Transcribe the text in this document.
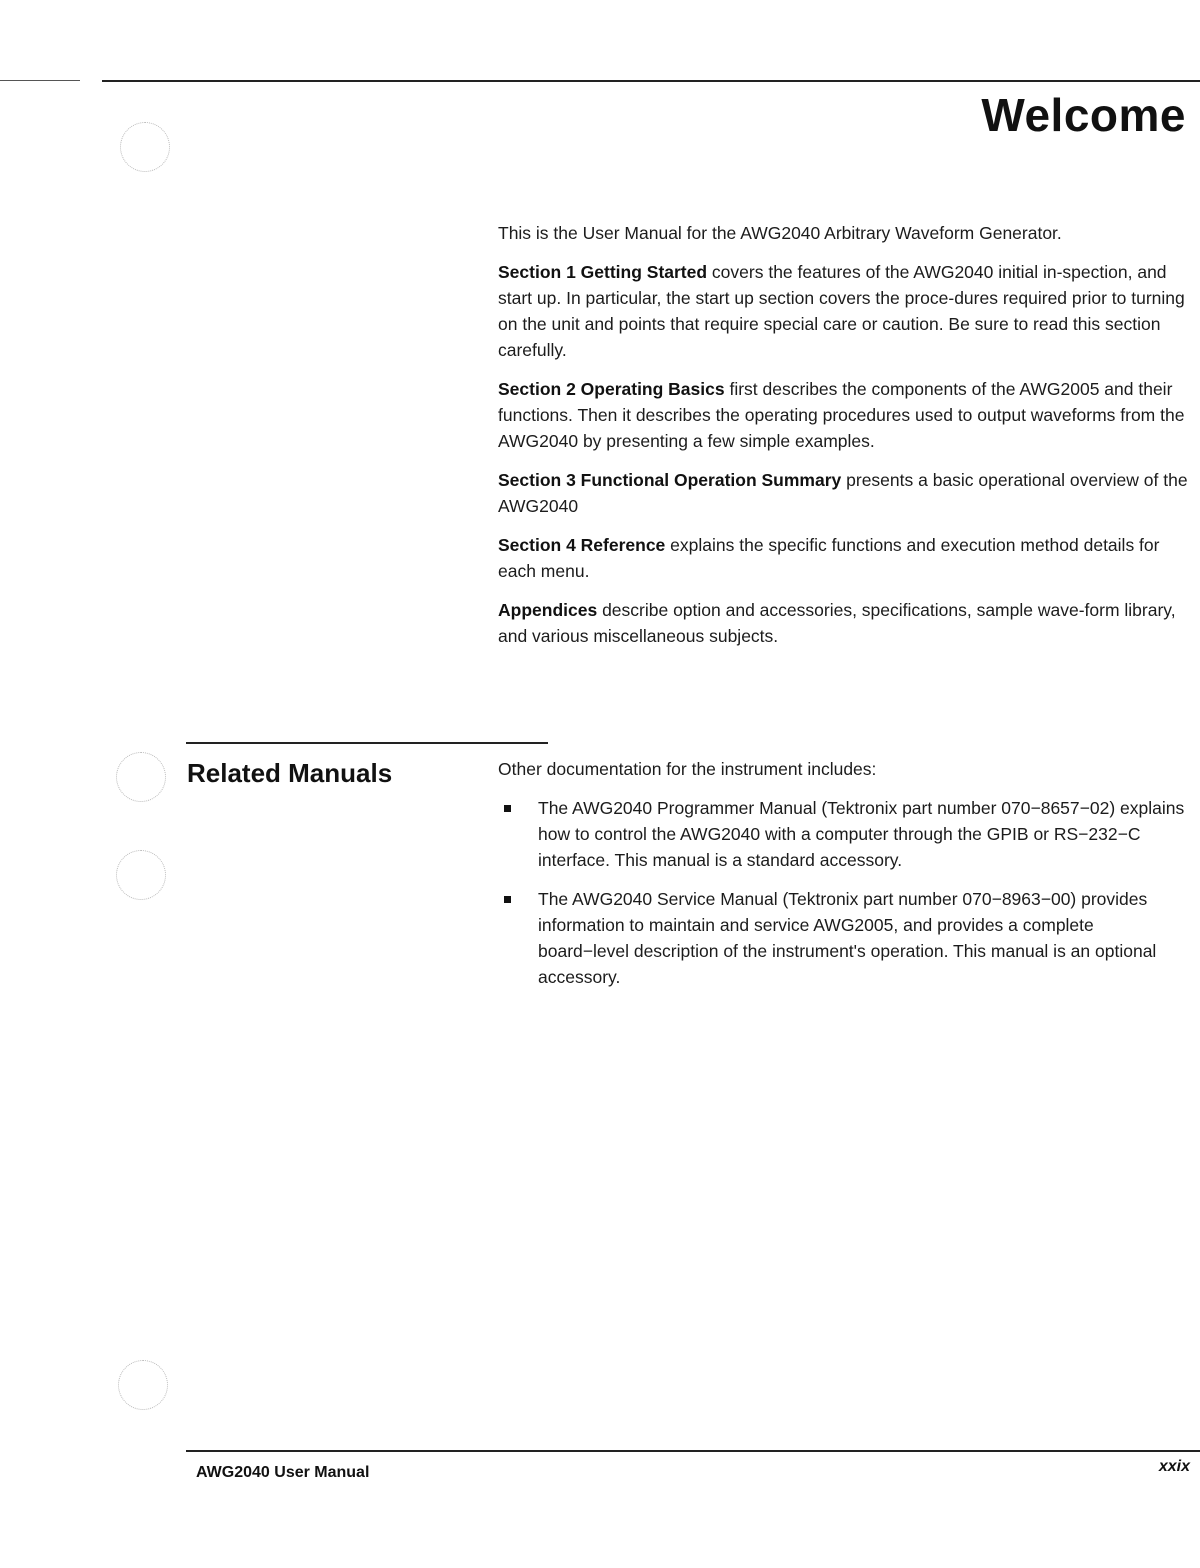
Welcome

This is the User Manual for the AWG2040 Arbitrary Waveform Generator.

Section 1 Getting Started covers the features of the AWG2040 initial in-spection, and start up. In particular, the start up section covers the proce-dures required prior to turning on the unit and points that require special care or caution. Be sure to read this section carefully.

Section 2 Operating Basics first describes the components of the AWG2005 and their functions. Then it describes the operating procedures used to output waveforms from the AWG2040 by presenting a few simple examples.

Section 3 Functional Operation Summary presents a basic operational overview of the AWG2040

Section 4 Reference explains the specific functions and execution method details for each menu.

Appendices describe option and accessories, specifications, sample wave-form library, and various miscellaneous subjects.

Related Manuals	Other documentation for the instrument includes:

The AWG2040 Programmer Manual (Tektronix part number 070−8657−02) explains how to control the AWG2040 with a computer through the GPIB or RS−232−C interface. This manual is a standard accessory.
The AWG2040 Service Manual (Tektronix part number 070−8963−00) provides information to maintain and service AWG2005, and provides a complete board−level description of the instrument's operation. This manual is an optional accessory.
AWG2040 User Manual	xxix
